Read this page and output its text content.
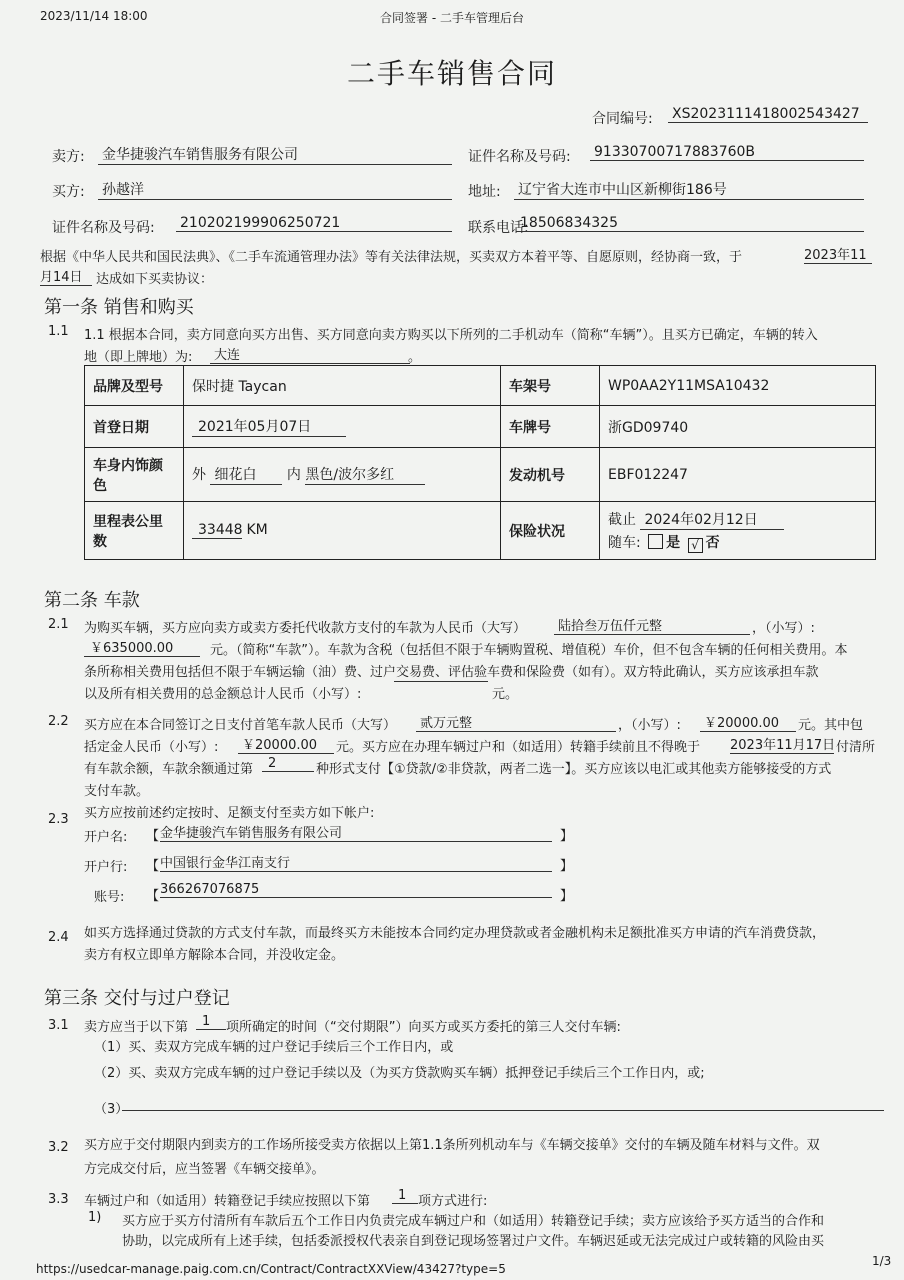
2023/11/14 18:00	合同签署 - 二手车管理后台
二手车销售合同
合同编号: XS20231114180025434​27
卖方: 金华捷骏汽车销售服务有限公司	证件名称及号码: 91330700717883760B
买方: 孙越洋	地址: 辽宁省大连市中山区新柳街186号
证件名称及号码: 210202199906250721	联系电话:
18506834325
根据《中华人民共和国民法典》、《二手车流通管理办法》等有关法律法规，买卖双方本着平等、自愿原则，经协商一致，于	2023年11
月14日	达成如下买卖协议：
第一条 销售和购买
1.1 1.1 根据本合同，卖方同意向买方出售、买方同意向卖方购买以下所列的二手机动车（简称“车辆”）。且买方已确定，车辆的转入
地（即上牌地）为:	大连	。
品牌及型号	保时捷 Taycan	车架号	WP0AA2Y11MSA10432
首登日期	2021年05月07日	车牌号	浙GD09740
车身内饰颜色	外 细花白 内 黑色/波尔多红	发动机号	EBF012247
里程表公里数	33448 KM	保险状况	截止 2024年02月12日
随车: 是 √ 否
第二条 车款
2.1 为购买车辆，买方应向卖方或卖方委托代收款方支付的车款为人民币（大写）	陆拾叁万伍仟元整	，（小写）:
￥635000.00	元。（简称“车款”）。车款为含税（包括但不限于车辆购置税、增值税）车价，但不包含车辆的任何相关费用。本
条所称相关费用包括但不限于车辆运输（油）费、过户交易费、评估验车费和保险费（如有）。双方特此确认，买方应该承担车款
以及所有相关费用的总金额总计人民币（小写）:	元。
2.2 买方应在本合同签订之日支付首笔车款人民币（大写）	贰万元整	，（小写）:	￥20000.00	元。其中包
括定金人民币（小写）:	￥20000.00	元。买方应在办理车辆过户和（如适用）转籍手续前且不得晚于 2023年11月17日 付清所
有车款余额，车款余额通过第	2	种形式支付【①贷款/②非贷款，两者二选一】。买方应该以电汇或其他卖方能够接受的方式
支付车款。
2.3 买方应按前述约定按时、足额支付至卖方如下帐户:
开户名: 【 金华捷骏汽车销售服务有限公司	】
开户行: 【 中国银行金华江南支行	】
账号: 【 366267076875	】
2.4 如买方选择通过贷款的方式支付车款，而最终买方未能按本合同约定办理贷款或者金融机构未足额批准买方申请的汽车消费贷款，
卖方有权立即单方解除本合同，并没收定金。
第三条 交付与过户登记
3.1 卖方应当于以下第	1	项所确定的时间（“交付期限”）向买方或买方委托的第三人交付车辆:
（1）买、卖双方完成车辆的过户登记手续后三个工作日内，或
（2）买、卖双方完成车辆的过户登记手续以及（为买方贷款购买车辆）抵押登记手续后三个工作日内，或;
（3）
3.2 买方应于交付期限内到卖方的工作场所接受卖方依据以上第1.1条所列机动车与《车辆交接单》交付的车辆及随车材料与文件。双
方完成交付后，应当签署《车辆交接单》。
3.3 车辆过户和（如适用）转籍登记手续应按照以下第	1 项方式进行:
1) 买方应于买方付清所有车款后五个工作日内负责完成车辆过户和（如适用）转籍登记手续；卖方应该给予买方适当的合作和
协助，以完成所有上述手续，包括委派授权代表亲自到登记现场签署过户文件。车辆迟延或无法完成过户或转籍的风险由买
https://usedcar-manage.paig.com.cn/Contract/ContractXXView/43427?type=5
1/3
